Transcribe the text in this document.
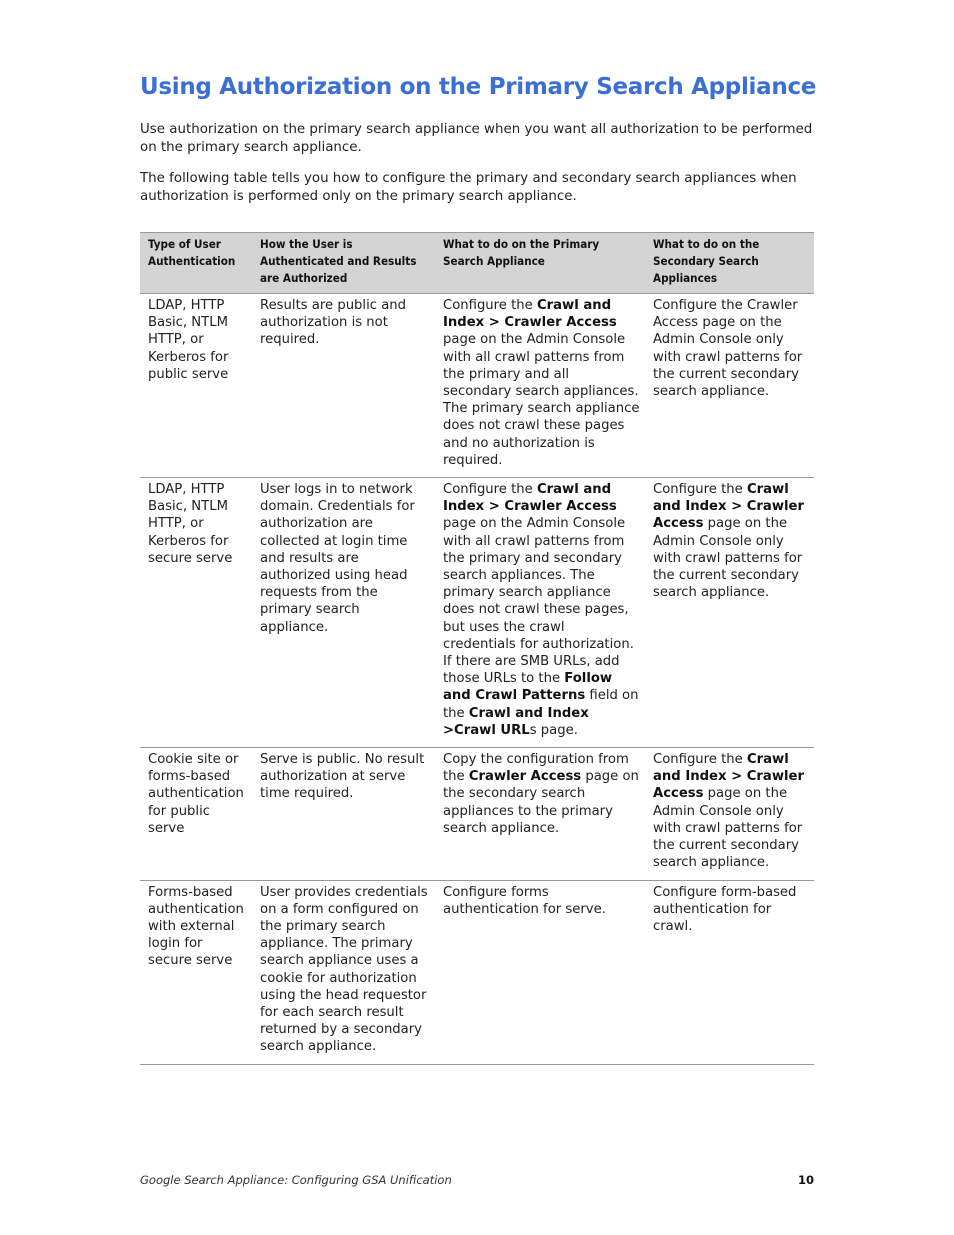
Using Authorization on the Primary Search Appliance

Use authorization on the primary search appliance when you want all authorization to be performed on the primary search appliance.

The following table tells you how to configure the primary and secondary search appliances when authorization is performed only on the primary search appliance.

Type of User Authentication	How the User is Authenticated and Results are Authorized	What to do on the Primary Search Appliance	What to do on the Secondary Search Appliances
LDAP, HTTP Basic, NTLM HTTP, or Kerberos for public serve	Results are public and authorization is not required.	Configure the Crawl and Index > Crawler Access page on the Admin Console with all crawl patterns from the primary and all secondary search appliances. The primary search appliance does not crawl these pages and no authorization is required.	Configure the Crawler Access page on the Admin Console only with crawl patterns for the current secondary search appliance.
LDAP, HTTP Basic, NTLM HTTP, or Kerberos for secure serve	User logs in to network domain. Credentials for authorization are collected at login time and results are authorized using head requests from the primary search appliance.	Configure the Crawl and Index > Crawler Access page on the Admin Console with all crawl patterns from the primary and secondary search appliances. The primary search appliance does not crawl these pages, but uses the crawl credentials for authorization. If there are SMB URLs, add those URLs to the Follow and Crawl Patterns field on the Crawl and Index >Crawl URLs page.	Configure the Crawl and Index > Crawler Access page on the Admin Console only with crawl patterns for the current secondary search appliance.
Cookie site or forms-based authentication for public serve	Serve is public. No result authorization at serve time required.	Copy the configuration from the Crawler Access page on the secondary search appliances to the primary search appliance.	Configure the Crawl and Index > Crawler Access page on the Admin Console only with crawl patterns for the current secondary search appliance.
Forms-based authentication with external login for secure serve	User provides credentials on a form configured on the primary search appliance. The primary search appliance uses a cookie for authorization using the head requestor for each search result returned by a secondary search appliance.	Configure forms authentication for serve.	Configure form-based authentication for crawl.
Google Search Appliance: Configuring GSA Unification	10
